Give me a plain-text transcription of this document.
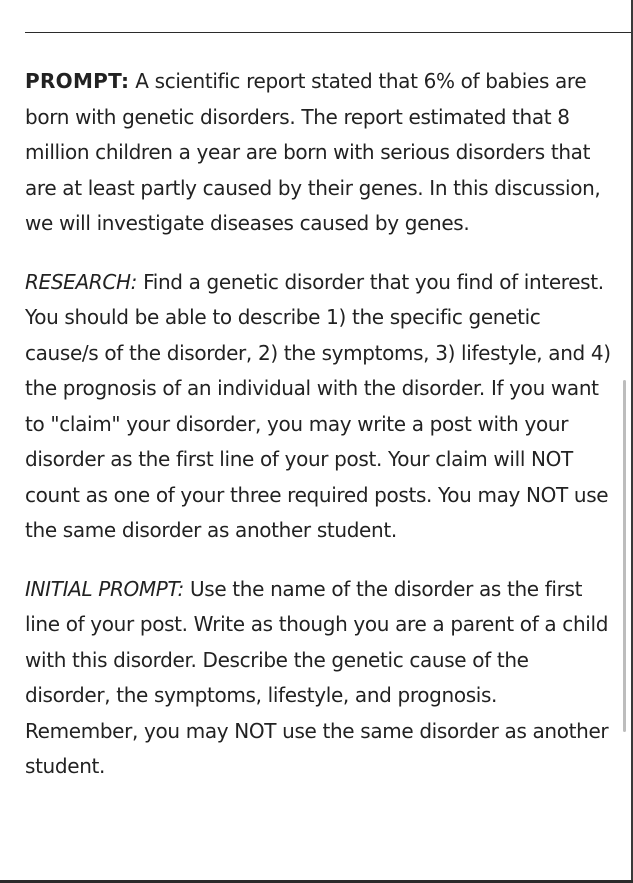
PROMPT: A scientific report stated that 6% of babies are born with genetic disorders. The report estimated that 8 million children a year are born with serious disorders that are at least partly caused by their genes. In this discussion, we will investigate diseases caused by genes.

RESEARCH: Find a genetic disorder that you find of interest. You should be able to describe 1) the specific genetic cause/s of the disorder, 2) the symptoms, 3) lifestyle, and 4) the prognosis of an individual with the disorder. If you want to "claim" your disorder, you may write a post with your disorder as the first line of your post. Your claim will NOT count as one of your three required posts. You may NOT use the same disorder as another student.

INITIAL PROMPT: Use the name of the disorder as the first line of your post. Write as though you are a parent of a child with this disorder. Describe the genetic cause of the disorder, the symptoms, lifestyle, and prognosis. Remember, you may NOT use the same disorder as another student.
